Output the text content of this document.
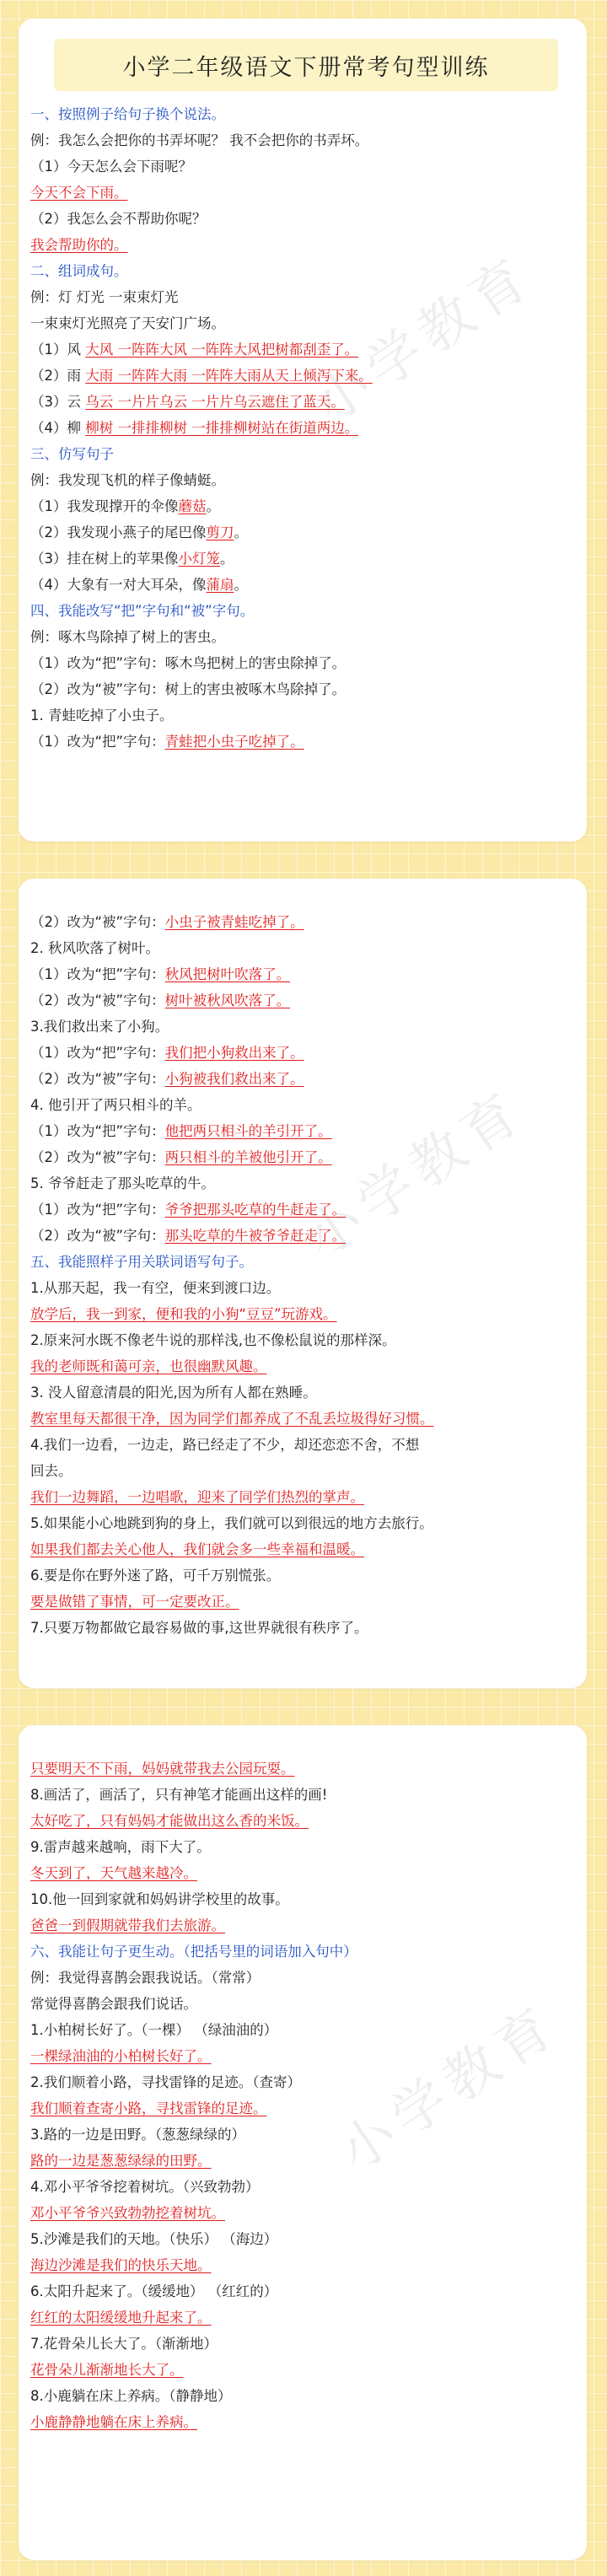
小学二年级语文下册常考句型训练
一、按照例子给句子换个说法。
例：我怎么会把你的书弄坏呢？ 我不会把你的书弄坏。
（1）今天怎么会下雨呢？
今天不会下雨。
（2）我怎么会不帮助你呢？
我会帮助你的。
二、组词成句。
例：灯 灯光 一束束灯光
一束束灯光照亮了天安门广场。
（1）风 大风 一阵阵大风 一阵阵大风把树都刮歪了。
（2）雨 大雨 一阵阵大雨 一阵阵大雨从天上倾泻下来。
（3）云 乌云 一片片乌云 一片片乌云遮住了蓝天。
（4）柳 柳树 一排排柳树 一排排柳树站在街道两边。
三、仿写句子
例：我发现飞机的样子像蜻蜓。
（1）我发现撑开的伞像蘑菇。
（2）我发现小燕子的尾巴像剪刀。
（3）挂在树上的苹果像小灯笼。
（4）大象有一对大耳朵，像蒲扇。
四、我能改写“把”字句和“被”字句。
例：啄木鸟除掉了树上的害虫。
（1）改为“把”字句：啄木鸟把树上的害虫除掉了。
（2）改为“被”字句：树上的害虫被啄木鸟除掉了。
1. 青蛙吃掉了小虫子。
（1）改为“把”字句：青蛙把小虫子吃掉了。
小学教育
（2）改为“被”字句：小虫子被青蛙吃掉了。
2. 秋风吹落了树叶。
（1）改为“把”字句：秋风把树叶吹落了。
（2）改为“被”字句：树叶被秋风吹落了。
3.我们救出来了小狗。
（1）改为“把”字句：我们把小狗救出来了。
（2）改为“被”字句：小狗被我们救出来了。
4. 他引开了两只相斗的羊。
（1）改为“把”字句：他把两只相斗的羊引开了。
（2）改为“被”字句：两只相斗的羊被他引开了。
5. 爷爷赶走了那头吃草的牛。
（1）改为“把”字句：爷爷把那头吃草的牛赶走了。
（2）改为“被”字句：那头吃草的牛被爷爷赶走了。
五、我能照样子用关联词语写句子。
1.从那天起，我一有空，便来到渡口边。
放学后，我一到家，便和我的小狗“豆豆”玩游戏。
2.原来河水既不像老牛说的那样浅,也不像松鼠说的那样深。
我的老师既和蔼可亲，也很幽默风趣。
3. 没人留意清晨的阳光,因为所有人都在熟睡。
教室里每天都很干净，因为同学们都养成了不乱丢垃圾得好习惯。
4.我们一边看，一边走，路已经走了不少，却还恋恋不舍，不想
回去。
我们一边舞蹈，一边唱歌，迎来了同学们热烈的掌声。
5.如果能小心地跳到狗的身上，我们就可以到很远的地方去旅行。
如果我们都去关心他人，我们就会多一些幸福和温暖。
6.要是你在野外迷了路，可千万别慌张。
要是做错了事情，可一定要改正。
7.只要万物都做它最容易做的事,这世界就很有秩序了。
小学教育
只要明天不下雨，妈妈就带我去公园玩耍。
8.画活了，画活了，只有神笔才能画出这样的画!
太好吃了，只有妈妈才能做出这么香的米饭。
9.雷声越来越响，雨下大了。
冬天到了，天气越来越冷。
10.他一回到家就和妈妈讲学校里的故事。
爸爸一到假期就带我们去旅游。
六、我能让句子更生动。（把括号里的词语加入句中）
例：我觉得喜鹊会跟我说话。（常常）
常觉得喜鹊会跟我们说话。
1.小柏树长好了。（一棵） （绿油油的）
一棵绿油油的小柏树长好了。
2.我们顺着小路，寻找雷锋的足迹。（查寄）
我们顺着查寄小路，寻找雷锋的足迹。
3.路的一边是田野。（葱葱绿绿的）
路的一边是葱葱绿绿的田野。
4.邓小平爷爷挖着树坑。（兴致勃勃）
邓小平爷爷兴致勃勃挖着树坑。
5.沙滩是我们的天地。（快乐） （海边）
海边沙滩是我们的快乐天地。
6.太阳升起来了。（缓缓地） （红红的）
红红的太阳缓缓地升起来了。
7.花骨朵儿长大了。（渐渐地）
花骨朵儿渐渐地长大了。
8.小鹿躺在床上养病。（静静地）
小鹿静静地躺在床上养病。
小学教育
